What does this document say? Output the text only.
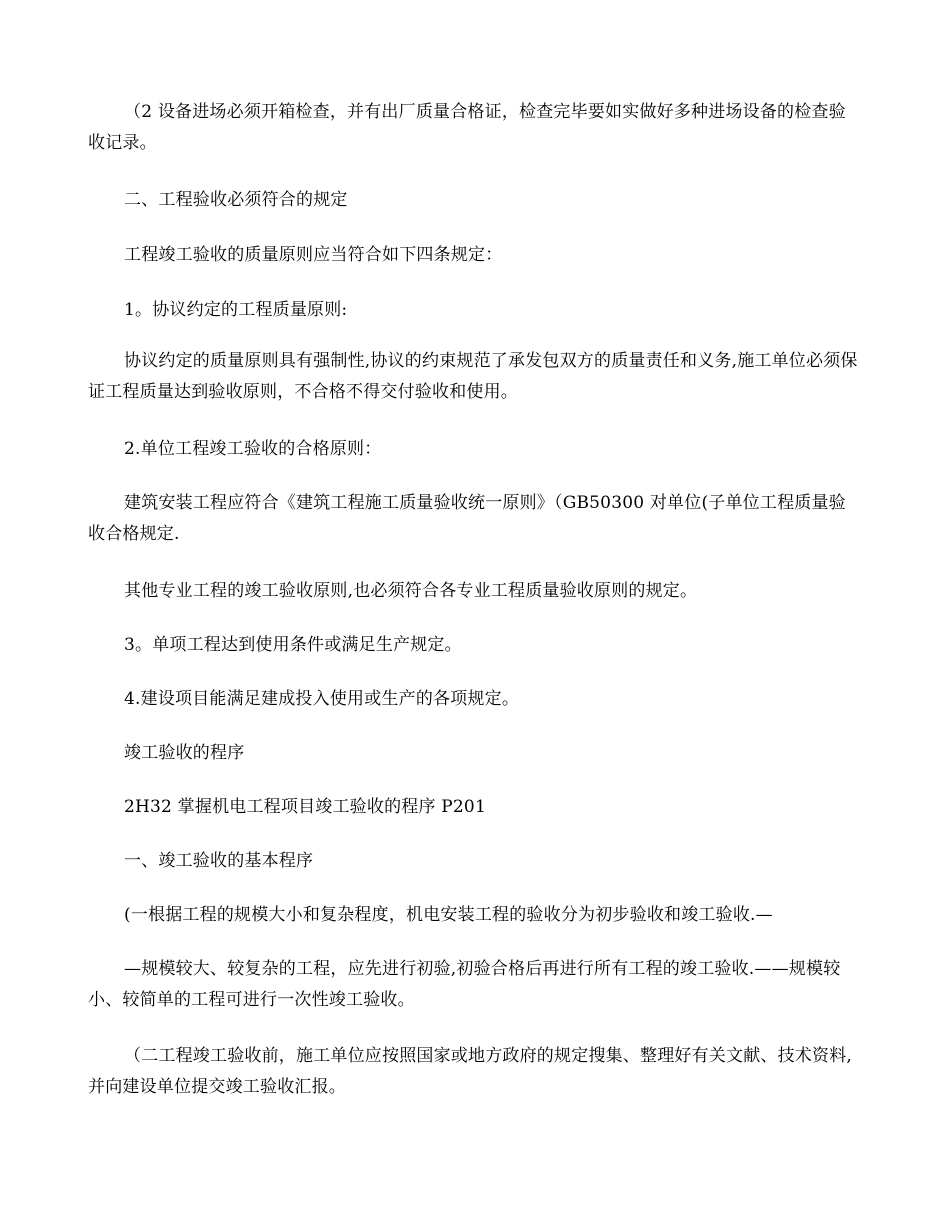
（2 设备进场必须开箱检查，并有出厂质量合格证，检查完毕要如实做好多种进场设备的检查验收记录。

二、工程验收必须符合的规定

工程竣工验收的质量原则应当符合如下四条规定：

1。协议约定的工程质量原则:

协议约定的质量原则具有强制性,协议的约束规范了承发包双方的质量责任和义务,施工单位必须保证工程质量达到验收原则，不合格不得交付验收和使用。

2.单位工程竣工验收的合格原则：

建筑安装工程应符合《建筑工程施工质量验收统一原则》（GB50300 对单位(子单位工程质量验收合格规定.

其他专业工程的竣工验收原则,也必须符合各专业工程质量验收原则的规定。

3。单项工程达到使用条件或满足生产规定。

4.建设项目能满足建成投入使用或生产的各项规定。

竣工验收的程序

2H32 掌握机电工程项目竣工验收的程序 P201

一、竣工验收的基本程序

(一根据工程的规模大小和复杂程度，机电安装工程的验收分为初步验收和竣工验收.—

—规模较大、较复杂的工程，应先进行初验,初验合格后再进行所有工程的竣工验收.——规模较小、较简单的工程可进行一次性竣工验收。

（二工程竣工验收前，施工单位应按照国家或地方政府的规定搜集、整理好有关文献、技术资料,并向建设单位提交竣工验收汇报。
